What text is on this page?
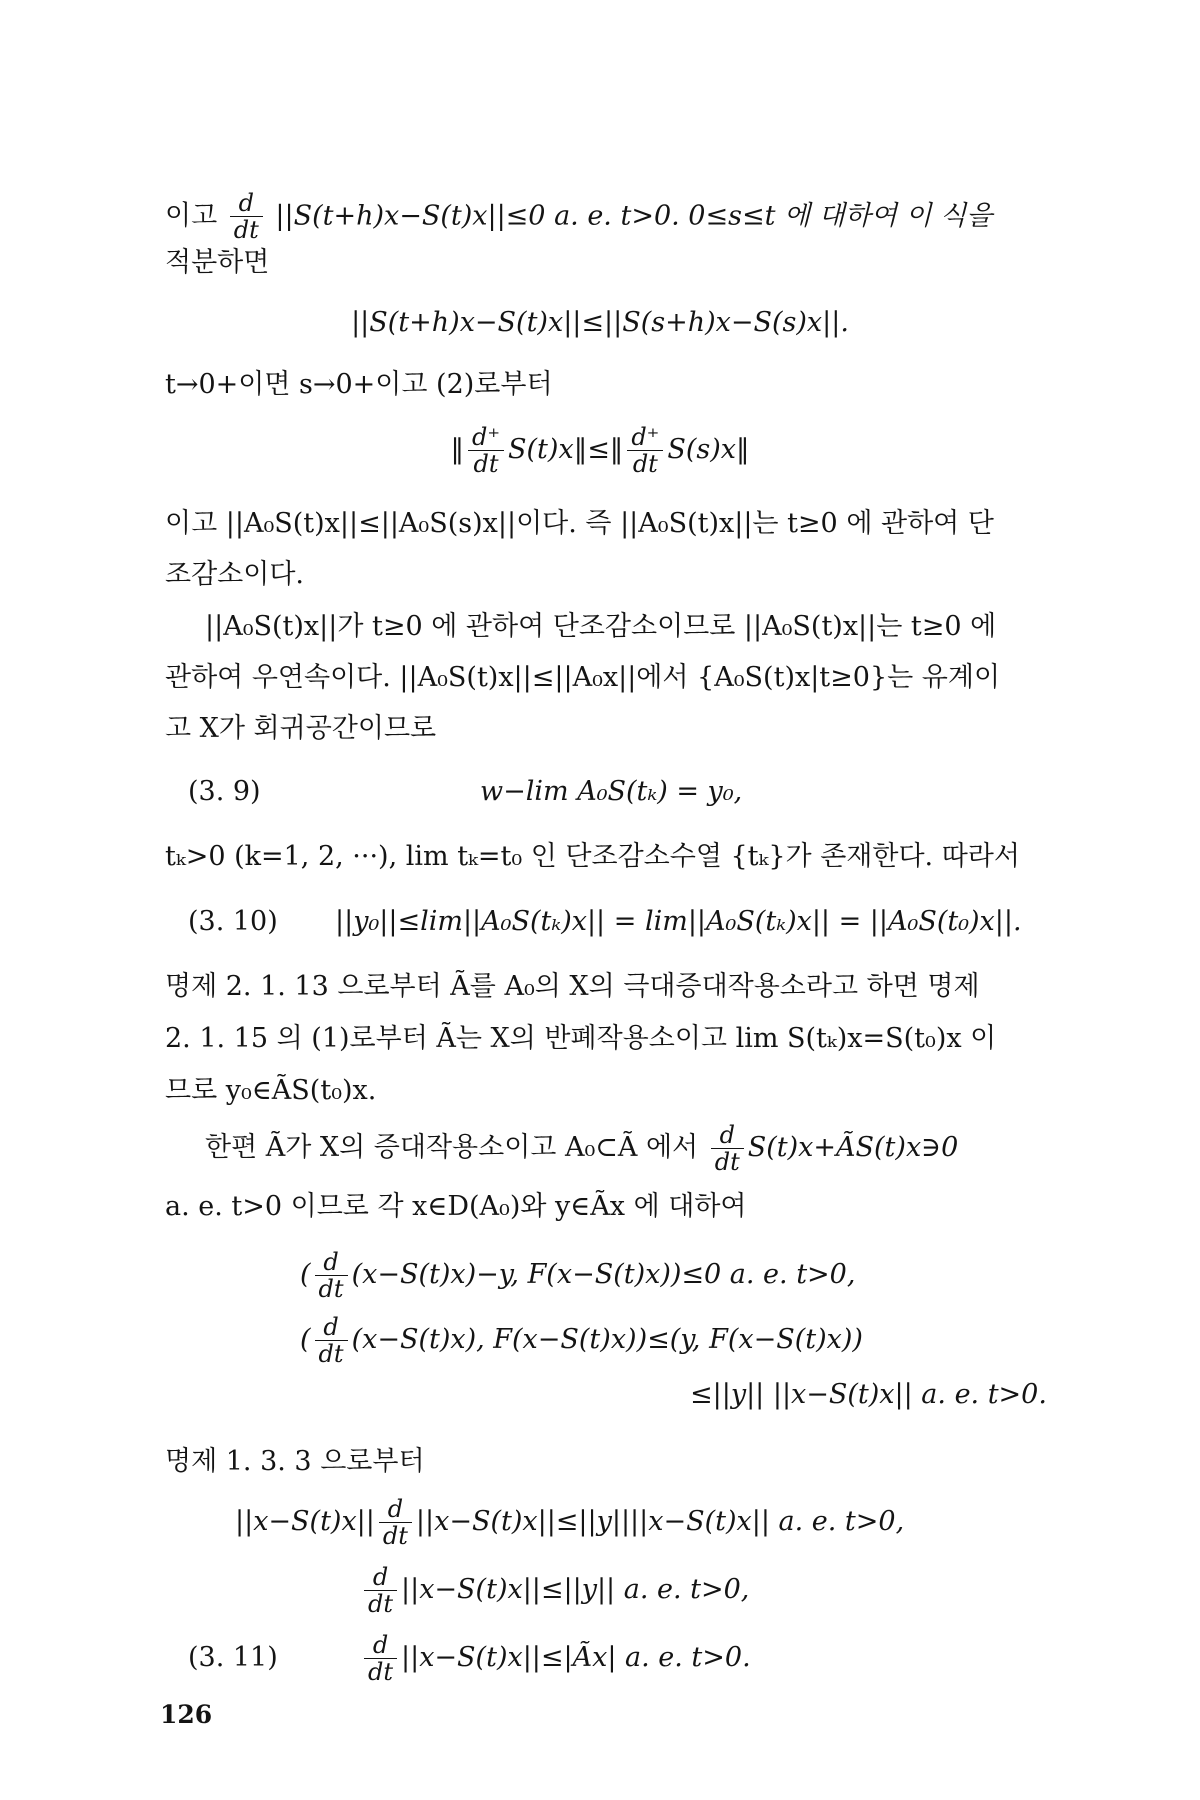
이고 $\frac{d}{dt} ||S(t+h)x-S(t)x||\le 0$ a. e. t>0. 0≤s≤t 에 대하여 이 식을
적분하면
||S(t+h)x−S(t)x||≤||S(s+h)x−S(s)x||.
t→0+이면 s→0+이고 (2)로부터
‖ $\frac{d^+}{dt}$ S(t)x‖≤‖ $\frac{d^+}{dt}$ S(s)x‖
이고 ||A₀S(t)x||≤||A₀S(s)x||이다. 즉 ||A₀S(t)x||는 t≥0 에 관하여 단
조감소이다.
||A₀S(t)x||가 t≥0 에 관하여 단조감소이므로 ||A₀S(t)x||는 t≥0 에
관하여 우연속이다. ||A₀S(t)x||≤||A₀x||에서 {A₀S(t)x|t≥0}는 유계이
고 X가 회귀공간이므로
(3. 9)	w−lim A₀S(tₖ) = y₀,
tₖ>0 (k=1, 2, ···), lim tₖ=t₀ 인 단조감소수열 {tₖ}가 존재한다. 따라서
(3. 10) ||y₀||≤lim||A₀S(tₖ)x|| = lim||A₀S(tₖ)x|| = ||A₀S(t₀)x||.
명제 2. 1. 13 으로부터 Ã를 A₀의 X의 극대증대작용소라고 하면 명제
2. 1. 15 의 (1)로부터 Ã는 X의 반폐작용소이고 lim S(tₖ)x=S(t₀)x 이
므로 y₀∈ÃS(t₀)x.
한편 Ã가 X의 증대작용소이고 A₀⊂Ã 에서 $\frac{d}{dt}$ S(t)x+ÃS(t)x∋0
a. e. t>0 이므로 각 x∈D(A₀)와 y∈Ãx 에 대하여
( $\frac{d}{dt} (x-S(t)x)-y$, F(x−S(t)x))≤0 a. e. t>0,
( $\frac{d}{dt} (x-S(t)x)$, F(x−S(t)x))≤(y, F(x−S(t)x))
≤||y|| ||x−S(t)x|| a. e. t>0.
명제 1. 3. 3 으로부터
$||x-S(t)x|| \frac{d}{dt} ||x-S(t)x||\le||y||||x-S(t)x||$ a. e. t>0,
$\frac{d}{dt} ||x-S(t)x||\le||y||$ a. e. t>0,
(3. 11)	$\frac{d}{dt}$ ||x−S(t)x||≤|Ãx| a. e. t>0.
126
